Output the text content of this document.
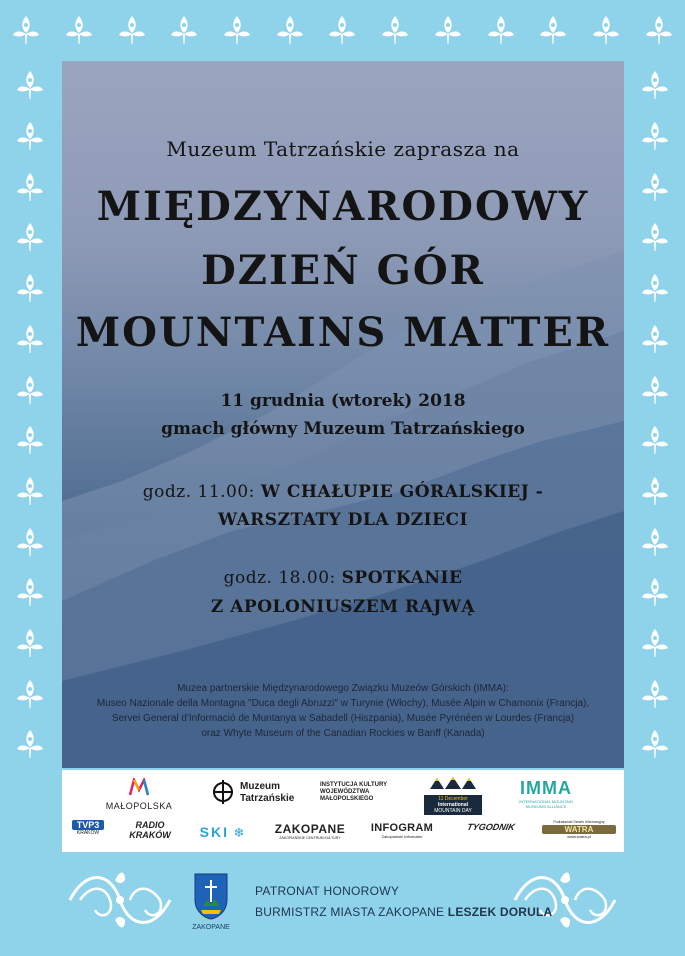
Muzeum Tatrzańskie zaprasza na
MIĘDZYNARODOWY
DZIEŃ GÓR
MOUNTAINS MATTER
11 grudnia (wtorek) 2018
gmach główny Muzeum Tatrzańskiego
godz. 11.00: W CHAŁUPIE GÓRALSKIEJ -
WARSZTATY DLA DZIECI
godz. 18.00: SPOTKANIE
Z APOLONIUSZEM RAJWĄ
Muzea partnerskie Międzynarodowego Związku Muzeów Górskich (IMMA):
Museo Nazionale della Montagna "Duca degli Abruzzi" w Turynie (Włochy), Musée Alpin w Chamonix (Francja),
Servei General d'Informació de Muntanya w Sabadell (Hiszpania), Musée Pyrénéen w Lourdes (Francja)
oraz Whyte Museum of the Canadian Rockies w Banff (Kanada)
MAŁOPOLSKA
Muzeum
Tatrzańskie
INSTYTUCJA KULTURY
WOJEWÓDZTWA
MAŁOPOLSKIEGO	11 December
International
MOUNTAIN DAY
IMMA
INTERNATIONAL MOUNTAIN MUSEUMS ALLIANCE
TVP3
KRAKÓW
RADIO
KRAKÓW	SKI ❄	ZAKOPANE
ZAKOPIAŃSKIE CENTRUM KULTURY
INFOGRAM
Zakopiański Informator
TYGODNIK	Podhalański Serwis Informacyjny
WATRA
www.watra.pl
ZAKOPANE
PATRONAT HONOROWY
BURMISTRZ MIASTA ZAKOPANE LESZEK DORULA
